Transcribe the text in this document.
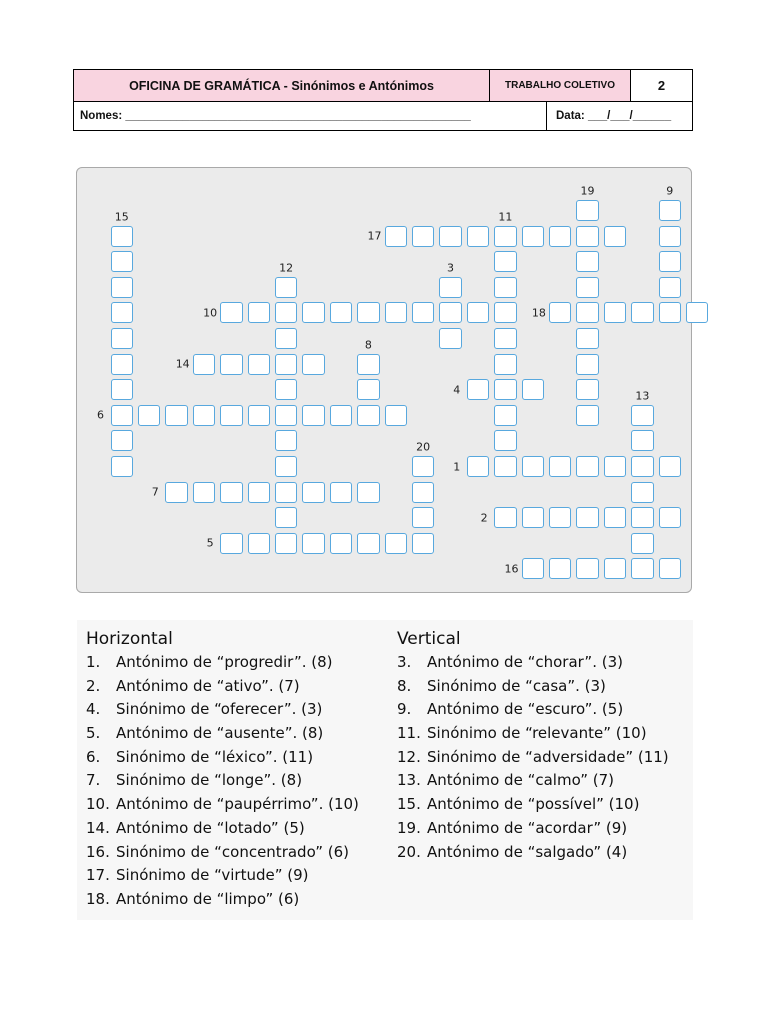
OFICINA DE GRAMÁTICA - Sinónimos e Antónimos	TRABALHO COLETIVO	2
Nomes: ______________________________________________________	Data: ___/___/______
1
2
3
4
5
6
7
8
9
10
11
12
13
14
15
16
17
18
19
20
Horizontal
1. Antónimo de “progredir”. (8)
2. Antónimo de “ativo”. (7)
4. Sinónimo de “oferecer”. (3)
5. Antónimo de “ausente”. (8)
6. Sinónimo de “léxico”. (11)
7. Sinónimo de “longe”. (8)
10. Antónimo de “paupérrimo”. (10)
14. Antónimo de “lotado” (5)
16. Sinónimo de “concentrado” (6)
17. Sinónimo de “virtude” (9)
18. Antónimo de “limpo” (6)
Vertical
3. Antónimo de “chorar”. (3)
8. Sinónimo de “casa”. (3)
9. Antónimo de “escuro”. (5)
11. Sinónimo de “relevante” (10)
12. Sinónimo de “adversidade” (11)
13. Antónimo de “calmo” (7)
15. Antónimo de “possível” (10)
19. Antónimo de “acordar” (9)
20. Antónimo de “salgado” (4)
